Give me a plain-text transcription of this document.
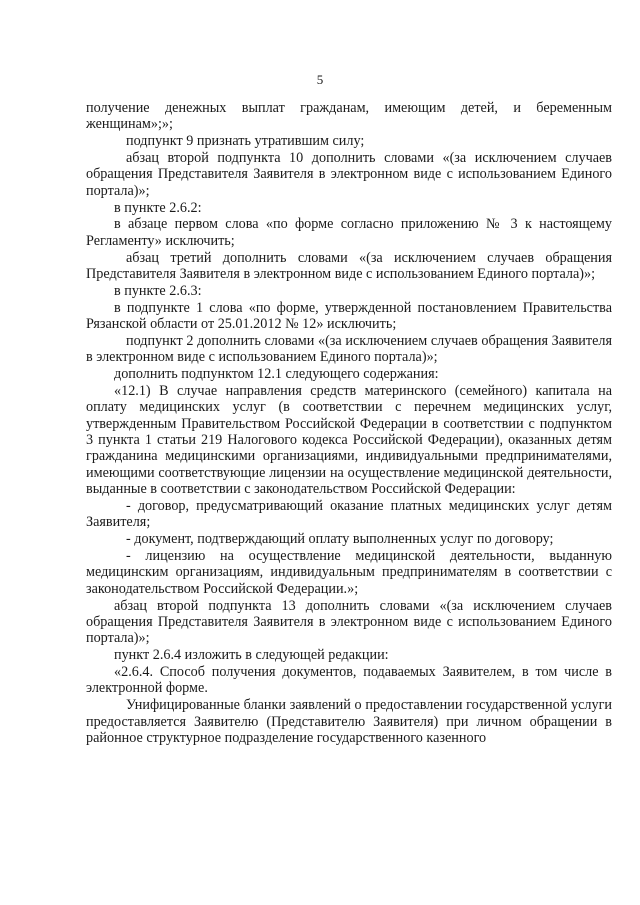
5

получение денежных выплат гражданам, имеющим детей, и беременным женщинам»;»;

подпункт 9 признать утратившим силу;

абзац второй подпункта 10 дополнить словами «(за исключением случаев обращения Представителя Заявителя в электронном виде с использованием Единого портала)»;

в пункте 2.6.2:

в абзаце первом слова «по форме согласно приложению № 3 к настоящему Регламенту» исключить;

абзац третий дополнить словами «(за исключением случаев обращения Представителя Заявителя в электронном виде с использованием Единого портала)»;

в пункте 2.6.3:

в подпункте 1 слова «по форме, утвержденной постановлением Правительства Рязанской области от 25.01.2012 № 12» исключить;

подпункт 2 дополнить словами «(за исключением случаев обращения Заявителя в электронном виде с использованием Единого портала)»;

дополнить подпунктом 12.1 следующего содержания:

«12.1) В случае направления средств материнского (семейного) капитала на оплату медицинских услуг (в соответствии с перечнем медицинских услуг, утвержденным Правительством Российской Федерации в соответствии с подпунктом 3 пункта 1 статьи 219 Налогового кодекса Российской Федерации), оказанных детям гражданина медицинскими организациями, индивидуальными предпринимателями, имеющими соответствующие лицензии на осуществление медицинской деятельности, выданные в соответствии с законодательством Российской Федерации:

- договор, предусматривающий оказание платных медицинских услуг детям Заявителя;

- документ, подтверждающий оплату выполненных услуг по договору;

- лицензию на осуществление медицинской деятельности, выданную медицинским организациям, индивидуальным предпринимателям в соответствии с законодательством Российской Федерации.»;

абзац второй подпункта 13 дополнить словами «(за исключением случаев обращения Представителя Заявителя в электронном виде с использованием Единого портала)»;

пункт 2.6.4 изложить в следующей редакции:

«2.6.4. Способ получения документов, подаваемых Заявителем, в том числе в электронной форме.

Унифицированные бланки заявлений о предоставлении государственной услуги предоставляется Заявителю (Представителю Заявителя) при личном обращении в районное структурное подразделение государственного казенного
